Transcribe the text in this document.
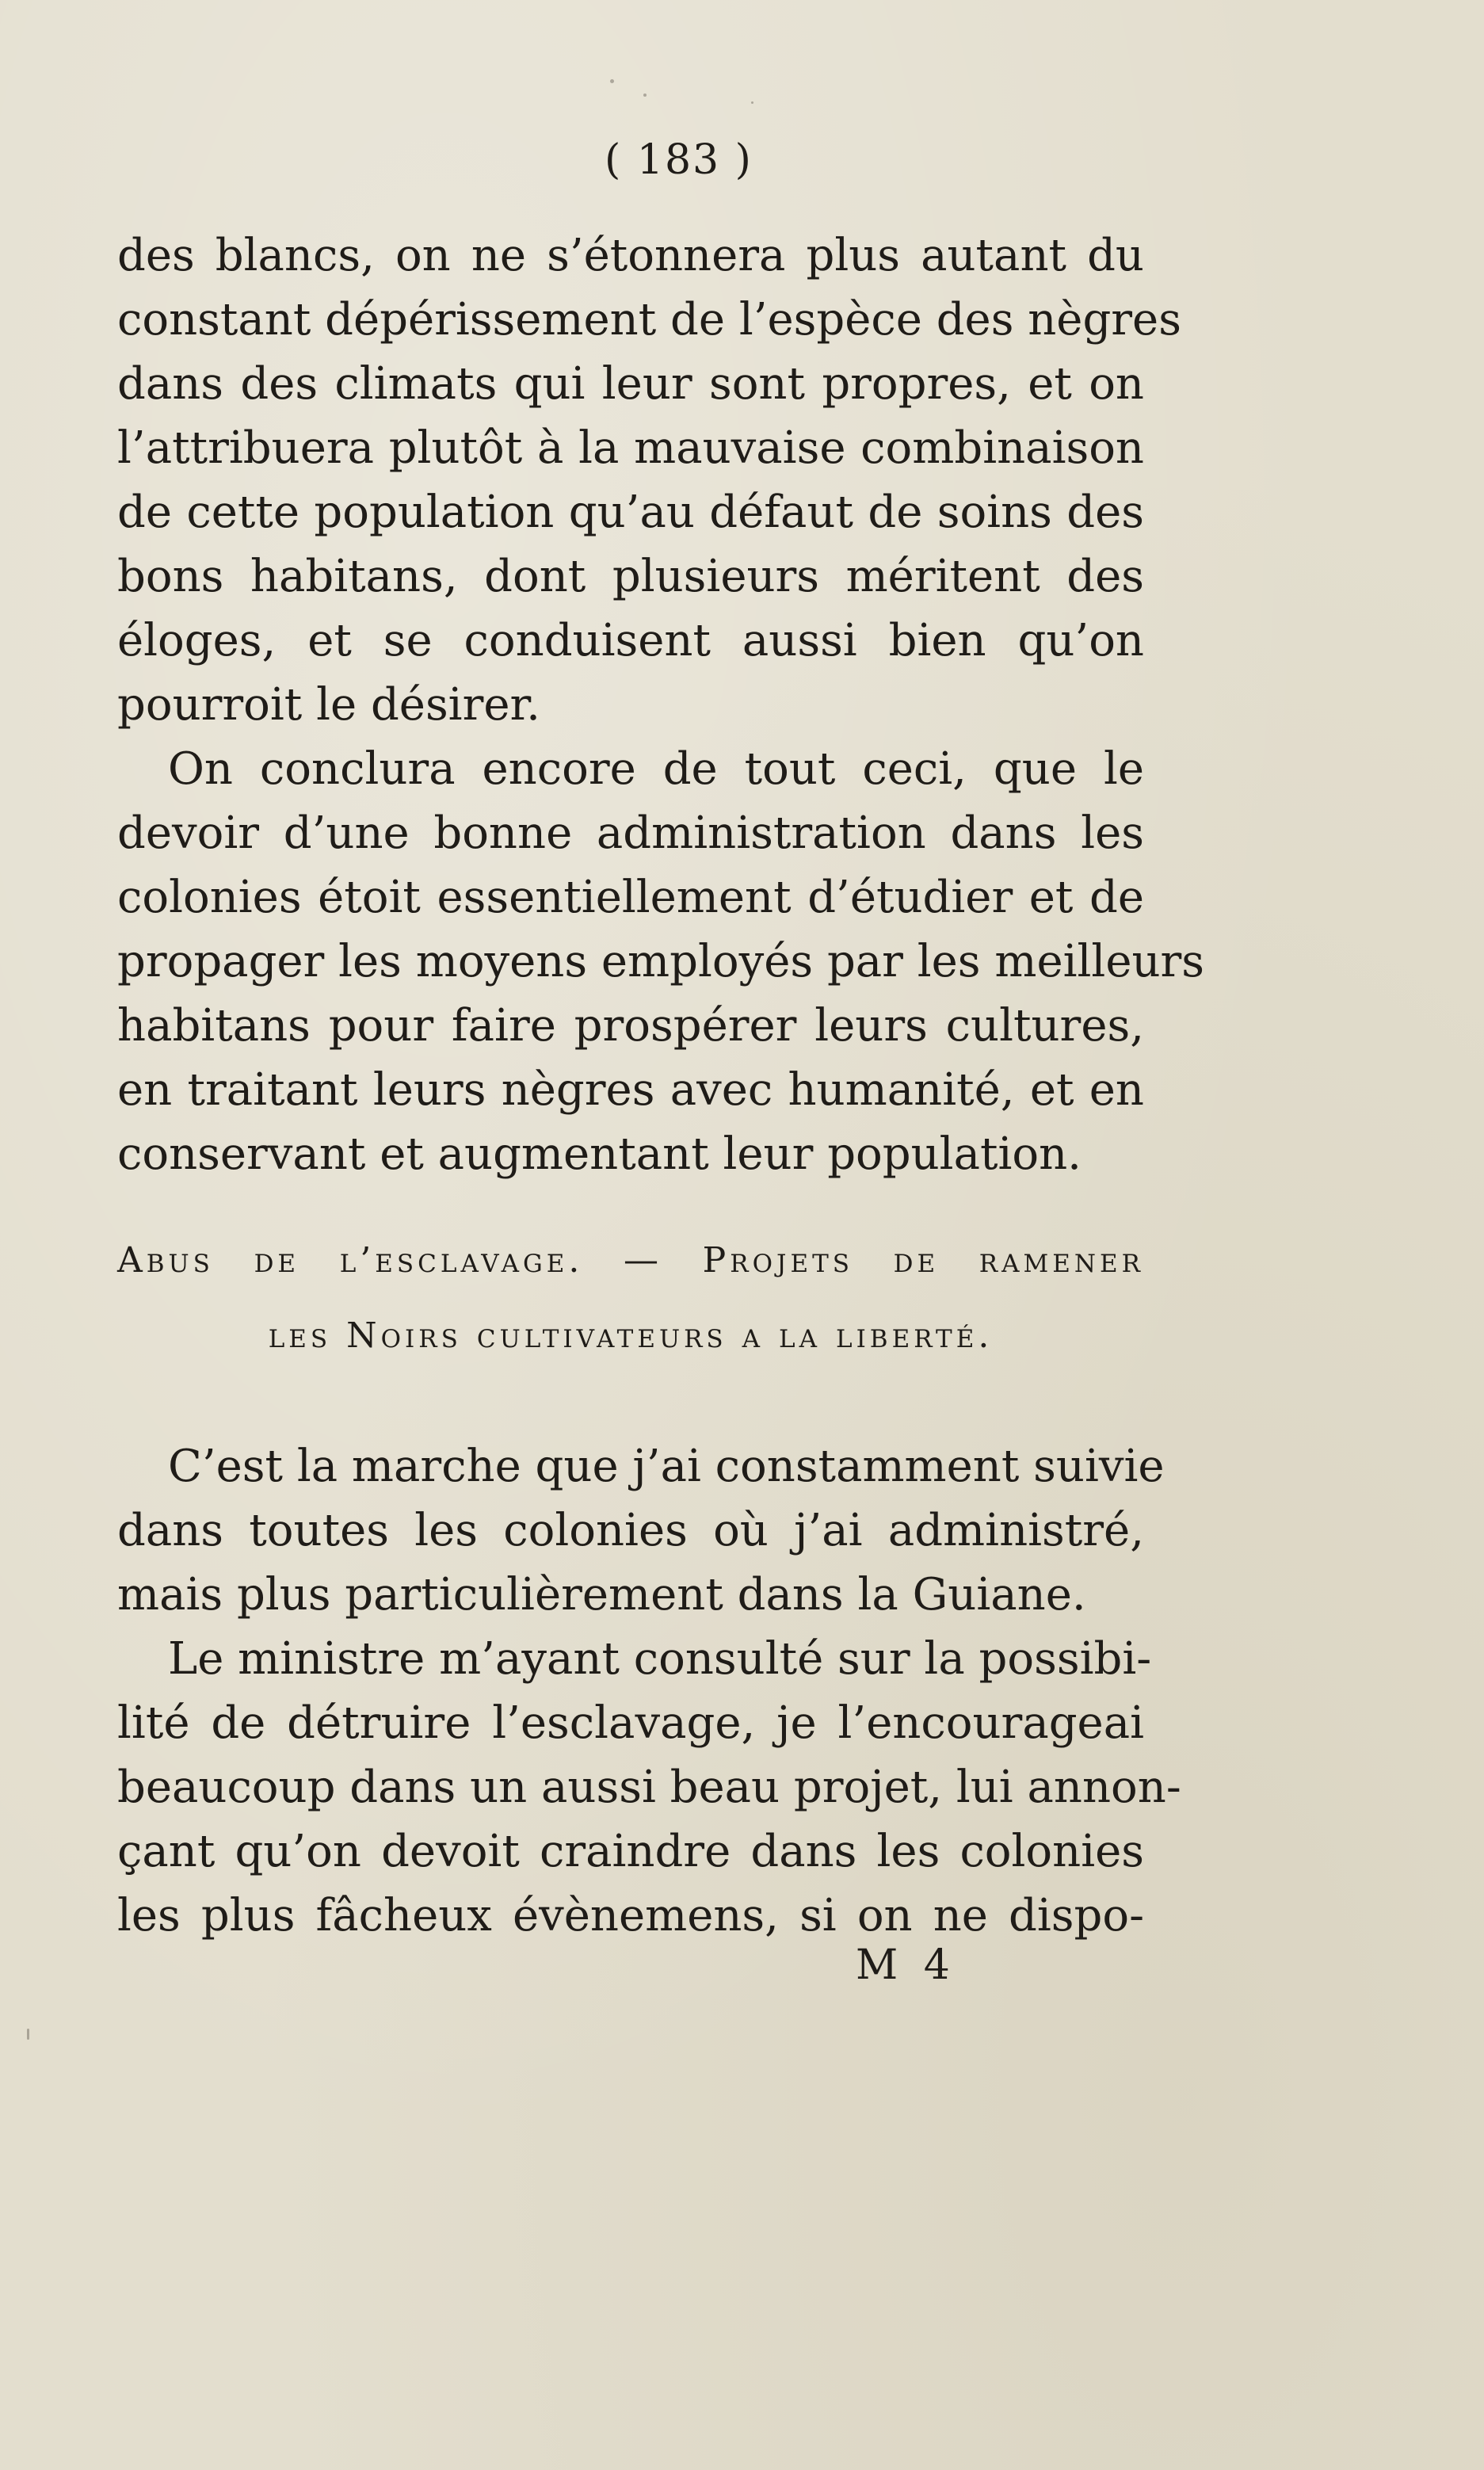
( 183 )

des blancs, on ne s’étonnera plus autant du
constant dépérissement de l’espèce des nègres
dans des climats qui leur sont propres, et on
l’attribuera plutôt à la mauvaise combinaison
de cette population qu’au défaut de soins des
bons habitans, dont plusieurs méritent des
éloges, et se conduisent aussi bien qu’on
pourroit le désirer.

On conclura encore de tout ceci, que le
devoir d’une bonne administration dans les
colonies étoit essentiellement d’étudier et de
propager les moyens employés par les meilleurs
habitans pour faire prospérer leurs cultures,
en traitant leurs nègres avec humanité, et en
conservant et augmentant leur population.

Abus de l’esclavage. — Projets de ramener
les Noirs cultivateurs a la liberté.

C’est la marche que j’ai constamment suivie
dans toutes les colonies où j’ai administré,
mais plus particulièrement dans la Guiane.
Le ministre m’ayant consulté sur la possibi-
lité de détruire l’esclavage, je l’encourageai
beaucoup dans un aussi beau projet, lui annon-
çant qu’on devoit craindre dans les colonies
les plus fâcheux évènemens, si on ne dispo-

M 4
